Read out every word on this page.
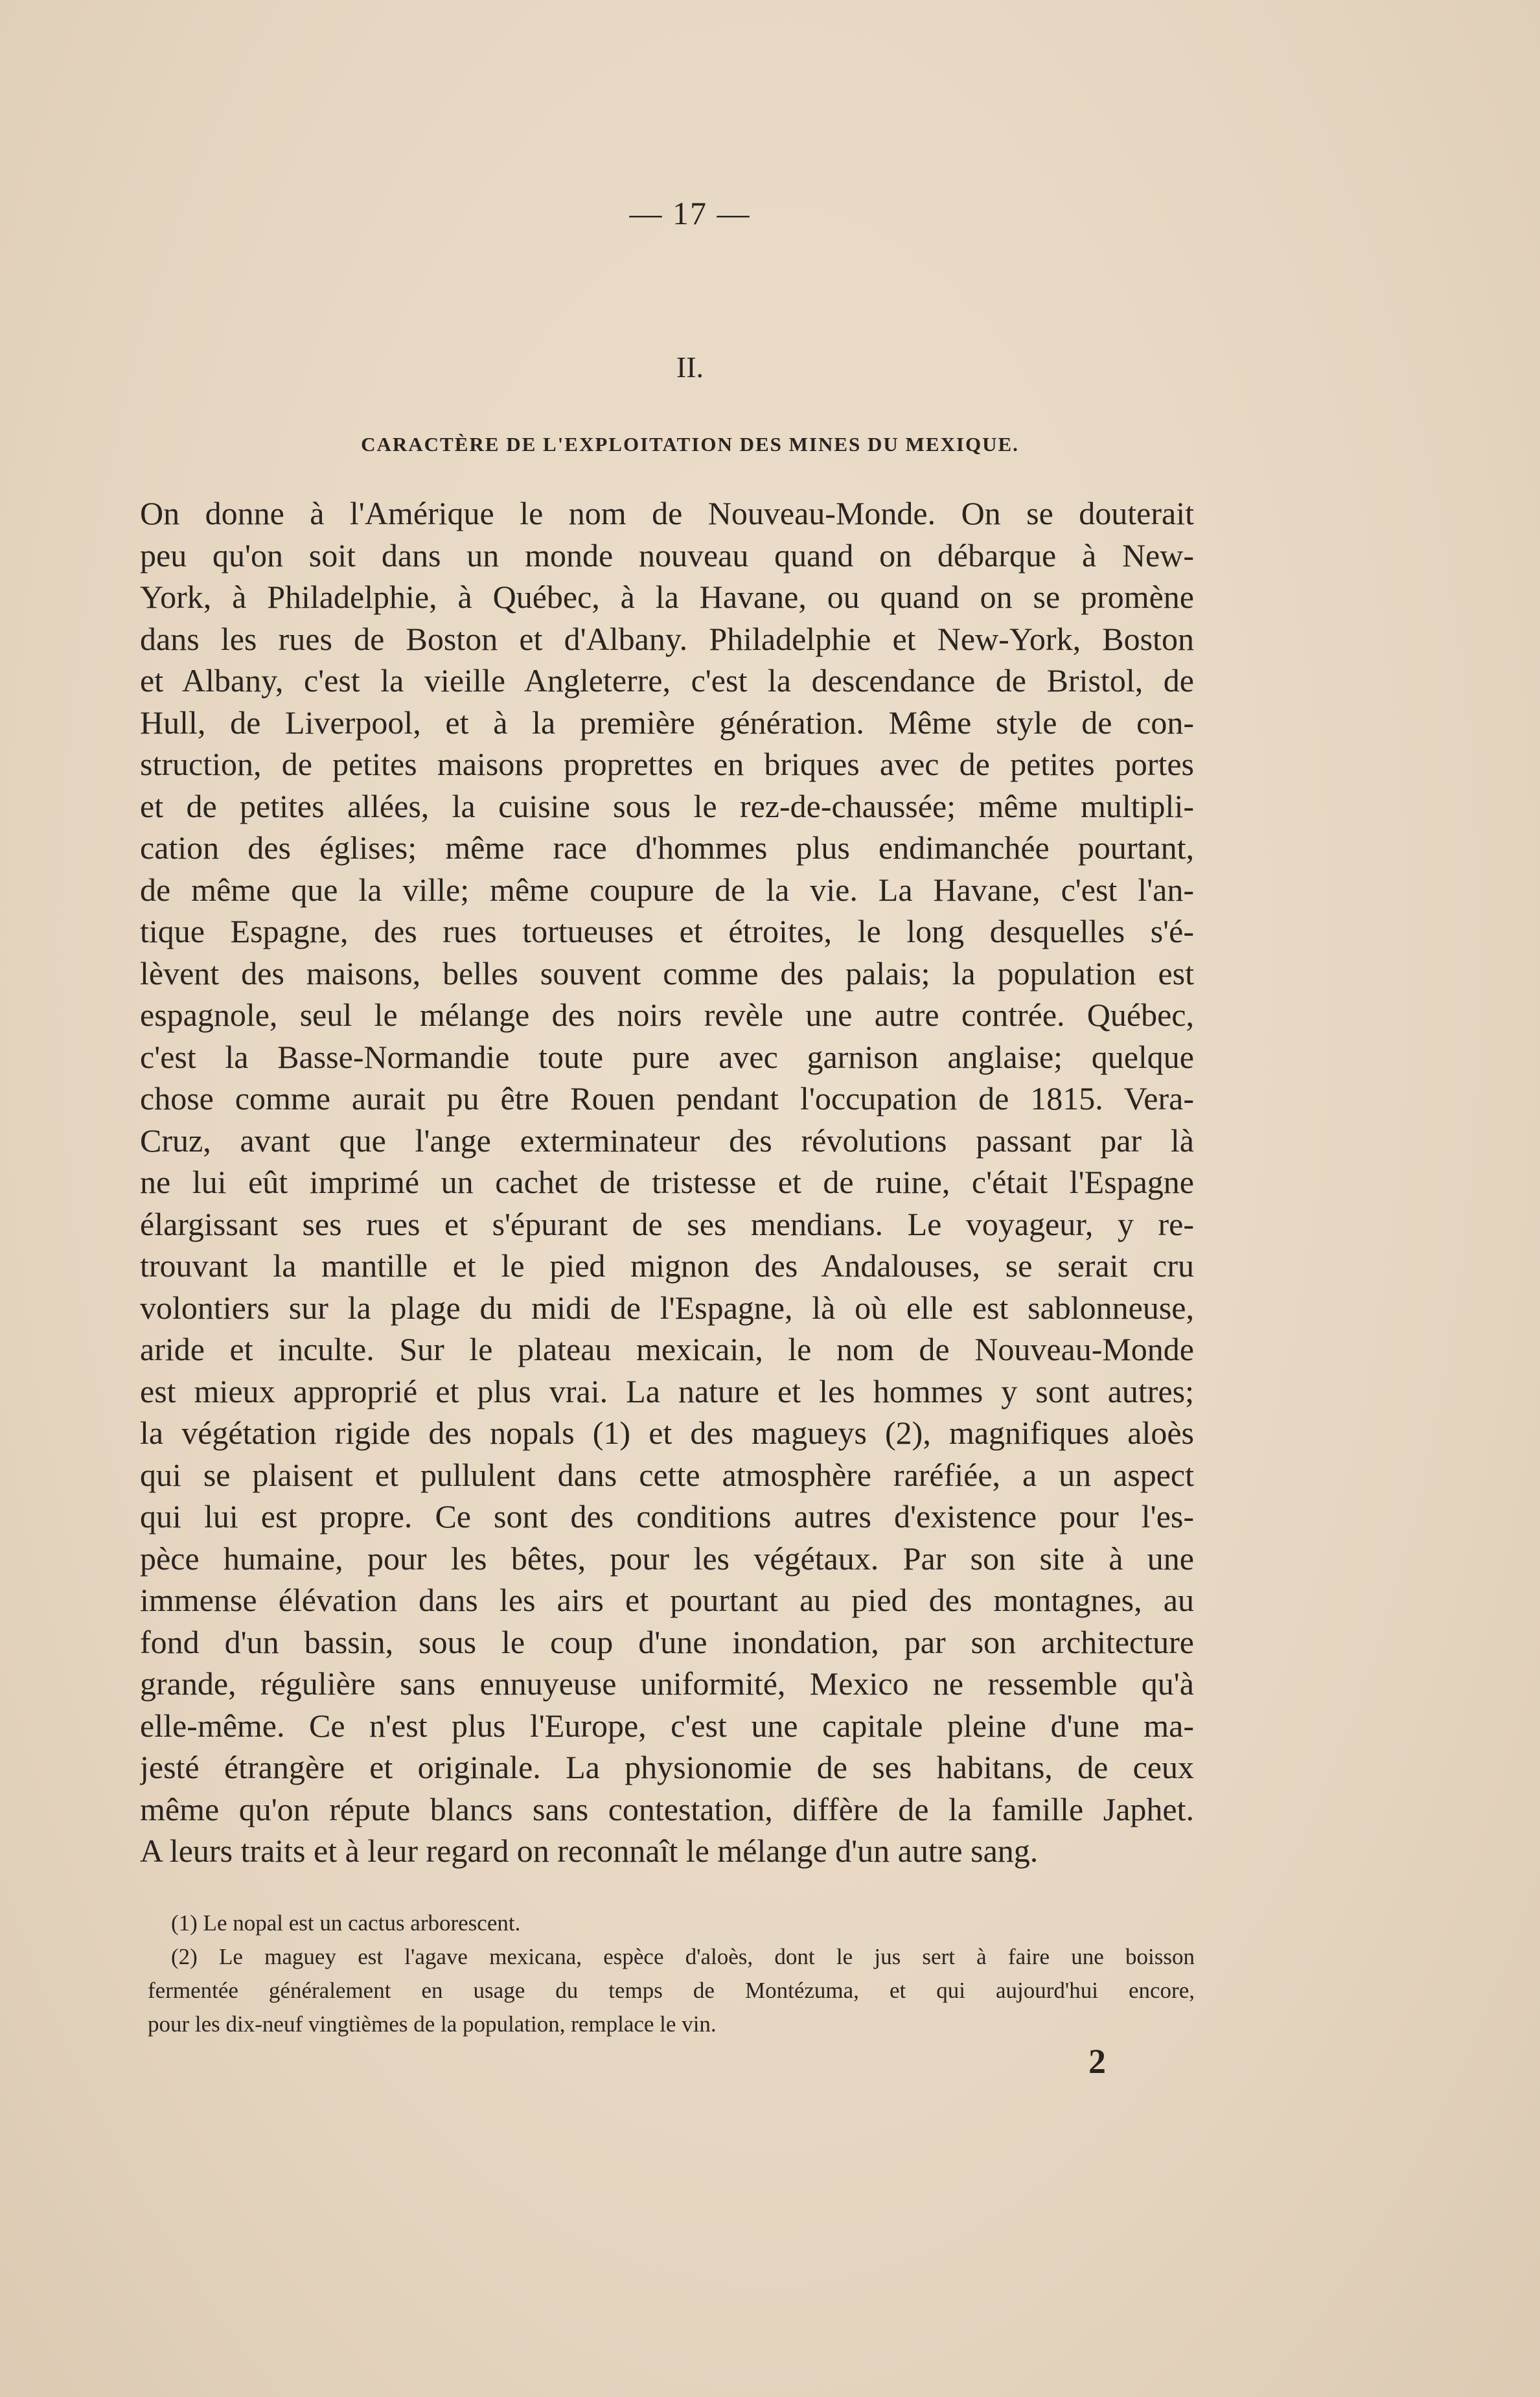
— 17 —
II.
CARACTÈRE DE L'EXPLOITATION DES MINES DU MEXIQUE.
On donne à l'Amérique le nom de Nouveau-Monde. On se douterait
peu qu'on soit dans un monde nouveau quand on débarque à New-
York, à Philadelphie, à Québec, à la Havane, ou quand on se promène
dans les rues de Boston et d'Albany. Philadelphie et New-York, Boston
et Albany, c'est la vieille Angleterre, c'est la descendance de Bristol, de
Hull, de Liverpool, et à la première génération. Même style de con-
struction, de petites maisons proprettes en briques avec de petites portes
et de petites allées, la cuisine sous le rez-de-chaussée; même multipli-
cation des églises; même race d'hommes plus endimanchée pourtant,
de même que la ville; même coupure de la vie. La Havane, c'est l'an-
tique Espagne, des rues tortueuses et étroites, le long desquelles s'é-
lèvent des maisons, belles souvent comme des palais; la population est
espagnole, seul le mélange des noirs revèle une autre contrée. Québec,
c'est la Basse-Normandie toute pure avec garnison anglaise; quelque
chose comme aurait pu être Rouen pendant l'occupation de 1815. Vera-
Cruz, avant que l'ange exterminateur des révolutions passant par là
ne lui eût imprimé un cachet de tristesse et de ruine, c'était l'Espagne
élargissant ses rues et s'épurant de ses mendians. Le voyageur, y re-
trouvant la mantille et le pied mignon des Andalouses, se serait cru
volontiers sur la plage du midi de l'Espagne, là où elle est sablonneuse,
aride et inculte. Sur le plateau mexicain, le nom de Nouveau-Monde
est mieux approprié et plus vrai. La nature et les hommes y sont autres;
la végétation rigide des nopals (1) et des magueys (2), magnifiques aloès
qui se plaisent et pullulent dans cette atmosphère raréfiée, a un aspect
qui lui est propre. Ce sont des conditions autres d'existence pour l'es-
pèce humaine, pour les bêtes, pour les végétaux. Par son site à une
immense élévation dans les airs et pourtant au pied des montagnes, au
fond d'un bassin, sous le coup d'une inondation, par son architecture
grande, régulière sans ennuyeuse uniformité, Mexico ne ressemble qu'à
elle-même. Ce n'est plus l'Europe, c'est une capitale pleine d'une ma-
jesté étrangère et originale. La physionomie de ses habitans, de ceux
même qu'on répute blancs sans contestation, diffère de la famille Japhet.
A leurs traits et à leur regard on reconnaît le mélange d'un autre sang.

(1) Le nopal est un cactus arborescent.

(2) Le maguey est l'agave mexicana, espèce d'aloès, dont le jus sert à faire une boisson
fermentée généralement en usage du temps de Montézuma, et qui aujourd'hui encore,
pour les dix-neuf vingtièmes de la population, remplace le vin.

2
